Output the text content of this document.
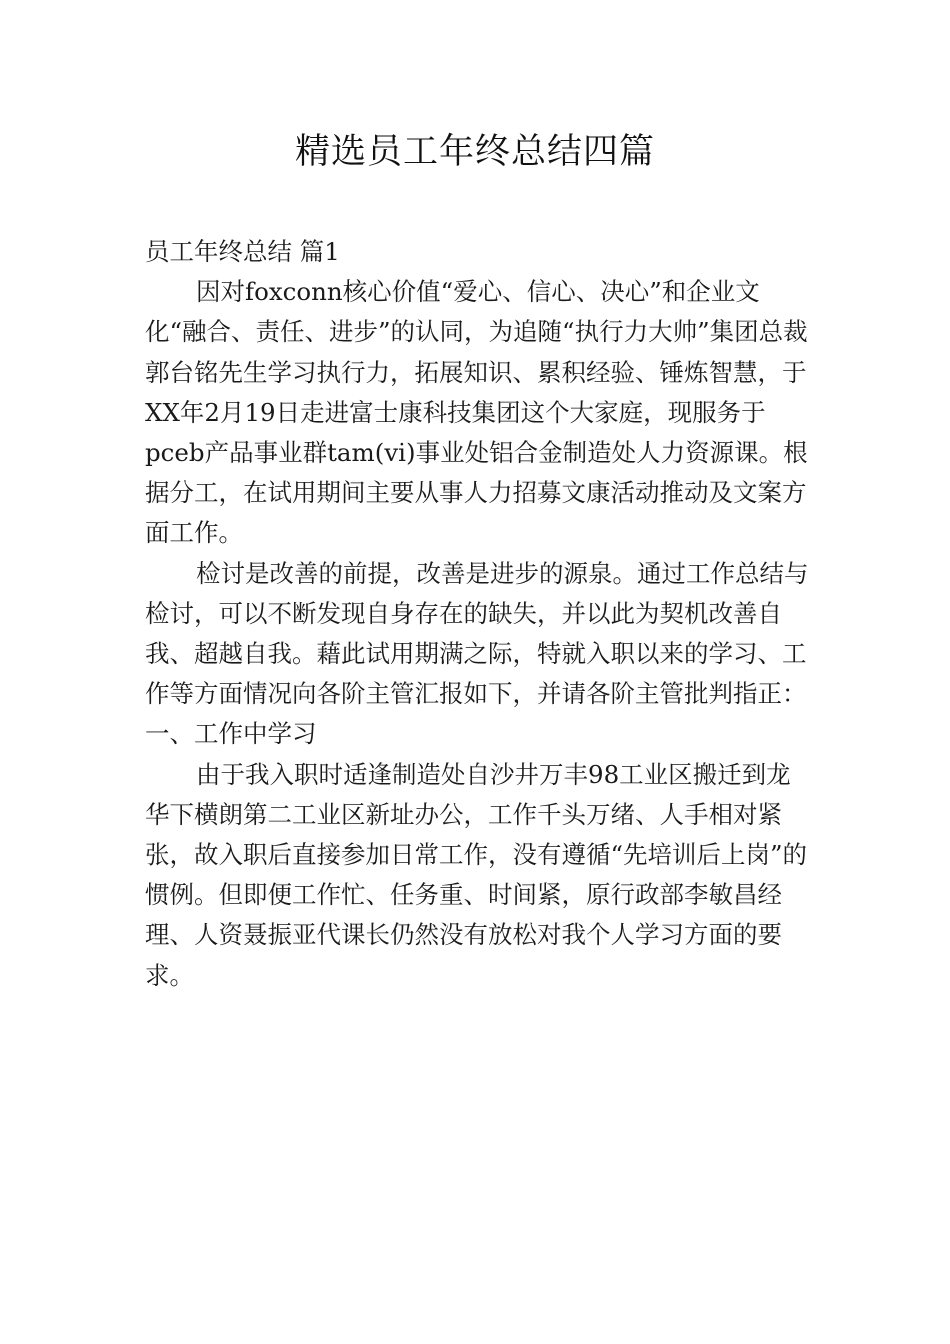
精选员工年终总结四篇

员工年终总结 篇1

因对foxconn核心价值“爱心、信心、决心”和企业文化“融合、责任、进步”的认同，为追随“执行力大帅”集团总裁郭台铭先生学习执行力，拓展知识、累积经验、锤炼智慧，于XX年2月19日走进富士康科技集团这个大家庭，现服务于pceb产品事业群tam(vi)事业处铝合金制造处人力资源课。根据分工，在试用期间主要从事人力招募文康活动推动及文案方面工作。

检讨是改善的前提，改善是进步的源泉。通过工作总结与检讨，可以不断发现自身存在的缺失，并以此为契机改善自我、超越自我。藉此试用期满之际，特就入职以来的学习、工作等方面情况向各阶主管汇报如下，并请各阶主管批判指正：

一、工作中学习

由于我入职时适逢制造处自沙井万丰98工业区搬迁到龙华下横朗第二工业区新址办公，工作千头万绪、人手相对紧张，故入职后直接参加日常工作，没有遵循“先培训后上岗”的惯例。但即便工作忙、任务重、时间紧，原行政部李敏昌经理、人资聂振亚代课长仍然没有放松对我个人学习方面的要求。
